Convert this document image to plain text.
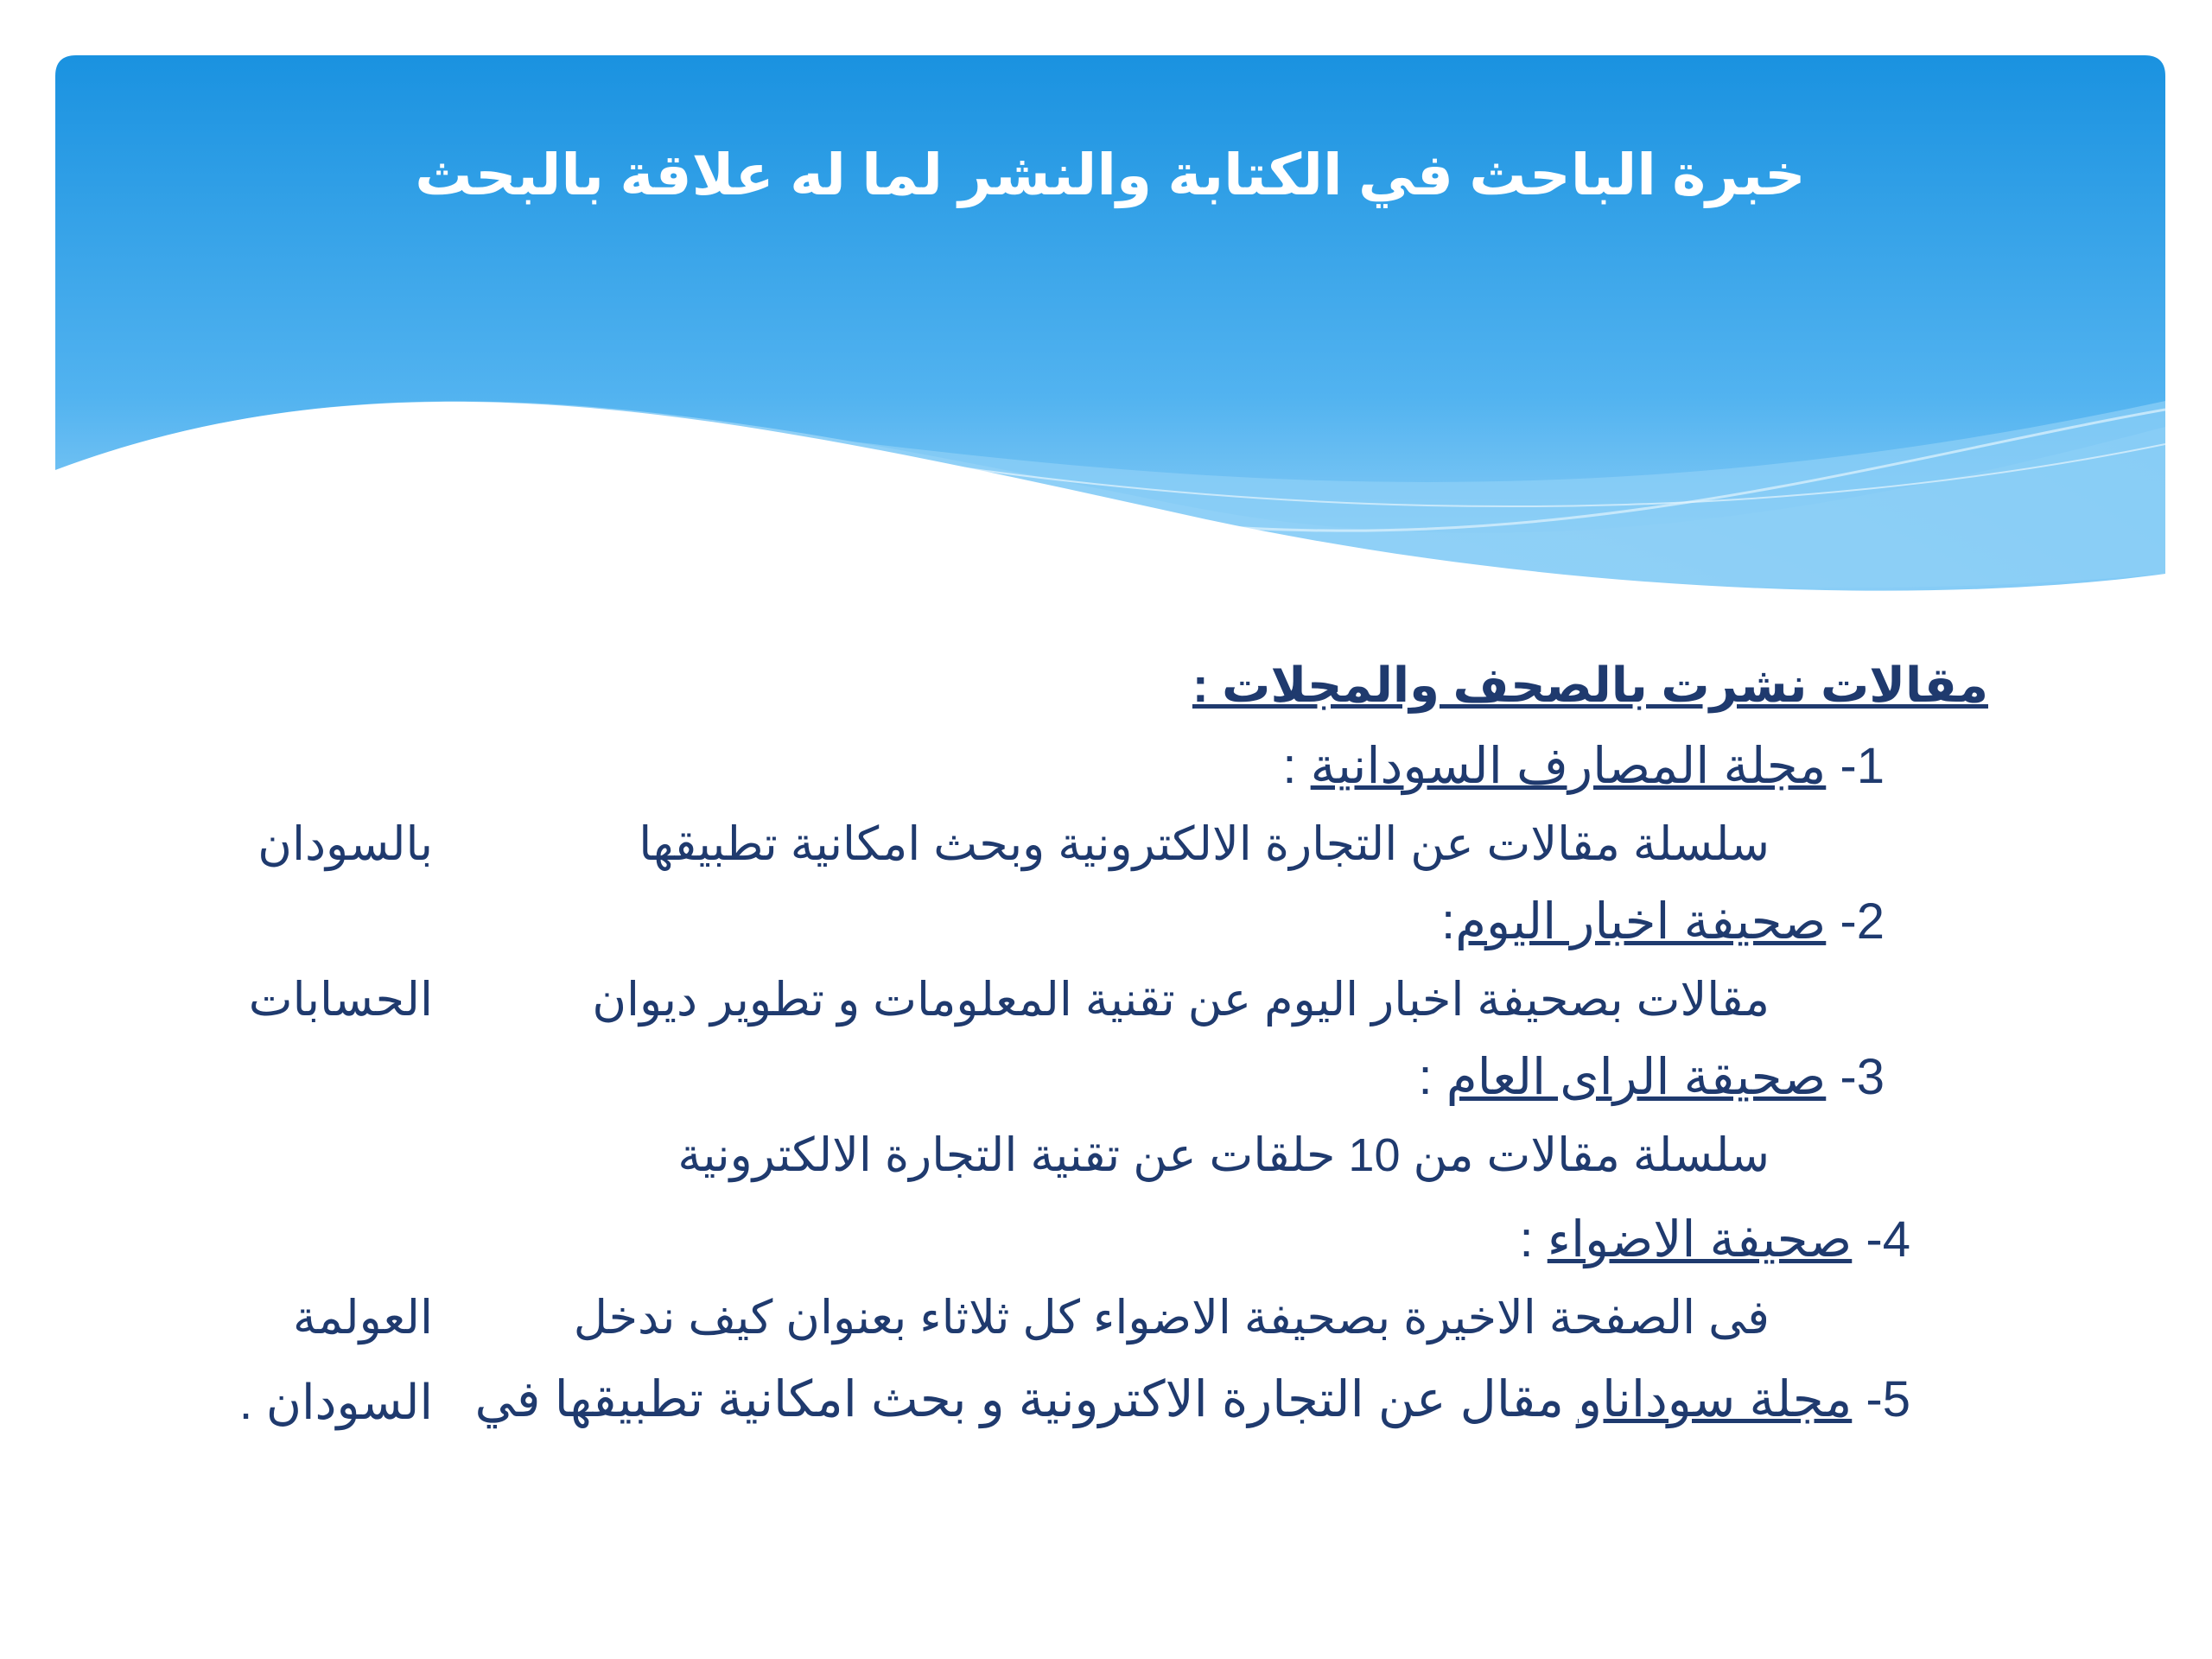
خبرة الباحث في الكتابة والنشر لما له علاقة بالبحث
مقالات نشرت بالصحف والمجلات :
1- مجلة المصارف السودانية :
سلسلة مقالات عن التجارة الالكترونية وبحث امكانية تطبيقها
بالسودان
2- صحيفة اخبار اليوم:
مقالات بصحيفة اخبار اليوم عن تقنية المعلومات و تطوير ديوان
الحسابات
3- صحيقة الراى العام :
سلسلة مقالات من 10 حلقات عن تقنية التجارة الالكترونية
4- صحيفة الاضواء :
فى الصفحة الاخيرة بصحيفة الاضواء كل ثلاثاء بعنوان كيف ندخل
العولمة
5- مجلة سوداناو مقال عن التجارة الاكترونية و بحث امكانية تطبيقها في
السودان .
